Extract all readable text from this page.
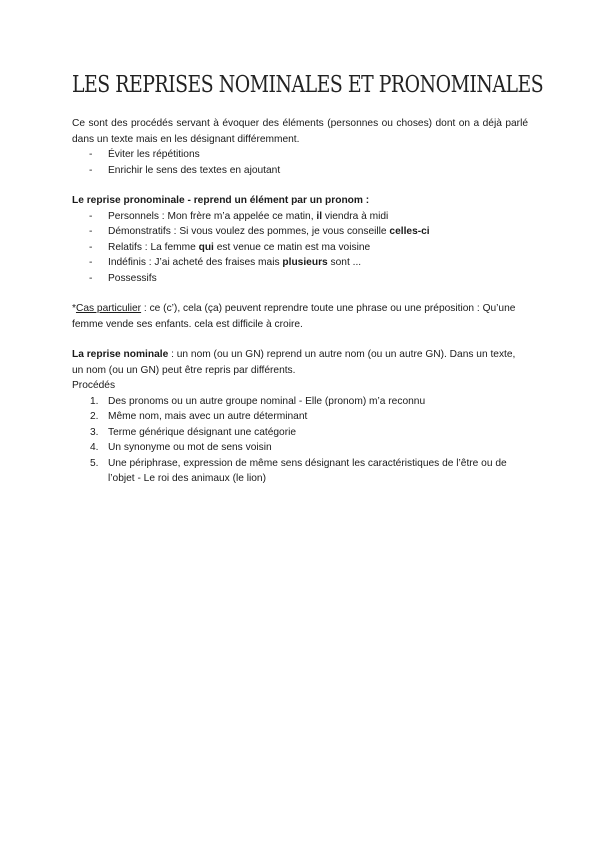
LES REPRISES NOMINALES ET PRONOMINALES

Ce sont des procédés servant à évoquer des éléments (personnes ou choses) dont on a déjà parlé dans un texte mais en les désignant différemment.

- Éviter les répétitions
- Enrichir le sens des textes en ajoutant

Le reprise pronominale - reprend un élément par un pronom :

- Personnels : Mon frère m’a appelée ce matin, il viendra à midi
- Démonstratifs : Si vous voulez des pommes, je vous conseille celles-ci
- Relatifs : La femme qui est venue ce matin est ma voisine
- Indéfinis : J’ai acheté des fraises mais plusieurs sont ...
- Possessifs

*Cas particulier : ce (c’), cela (ça) peuvent reprendre toute une phrase ou une préposition : Qu’une femme vende ses enfants. cela est difficile à croire.

La reprise nominale : un nom (ou un GN) reprend un autre nom (ou un autre GN). Dans un texte, un nom (ou un GN) peut être repris par différents.

Procédés

1. Des pronoms ou un autre groupe nominal - Elle (pronom) m’a reconnu
2. Même nom, mais avec un autre déterminant
3. Terme générique désignant une catégorie
4. Un synonyme ou mot de sens voisin
5. Une périphrase, expression de même sens désignant les caractéristiques de l’être ou de l’objet - Le roi des animaux (le lion)
